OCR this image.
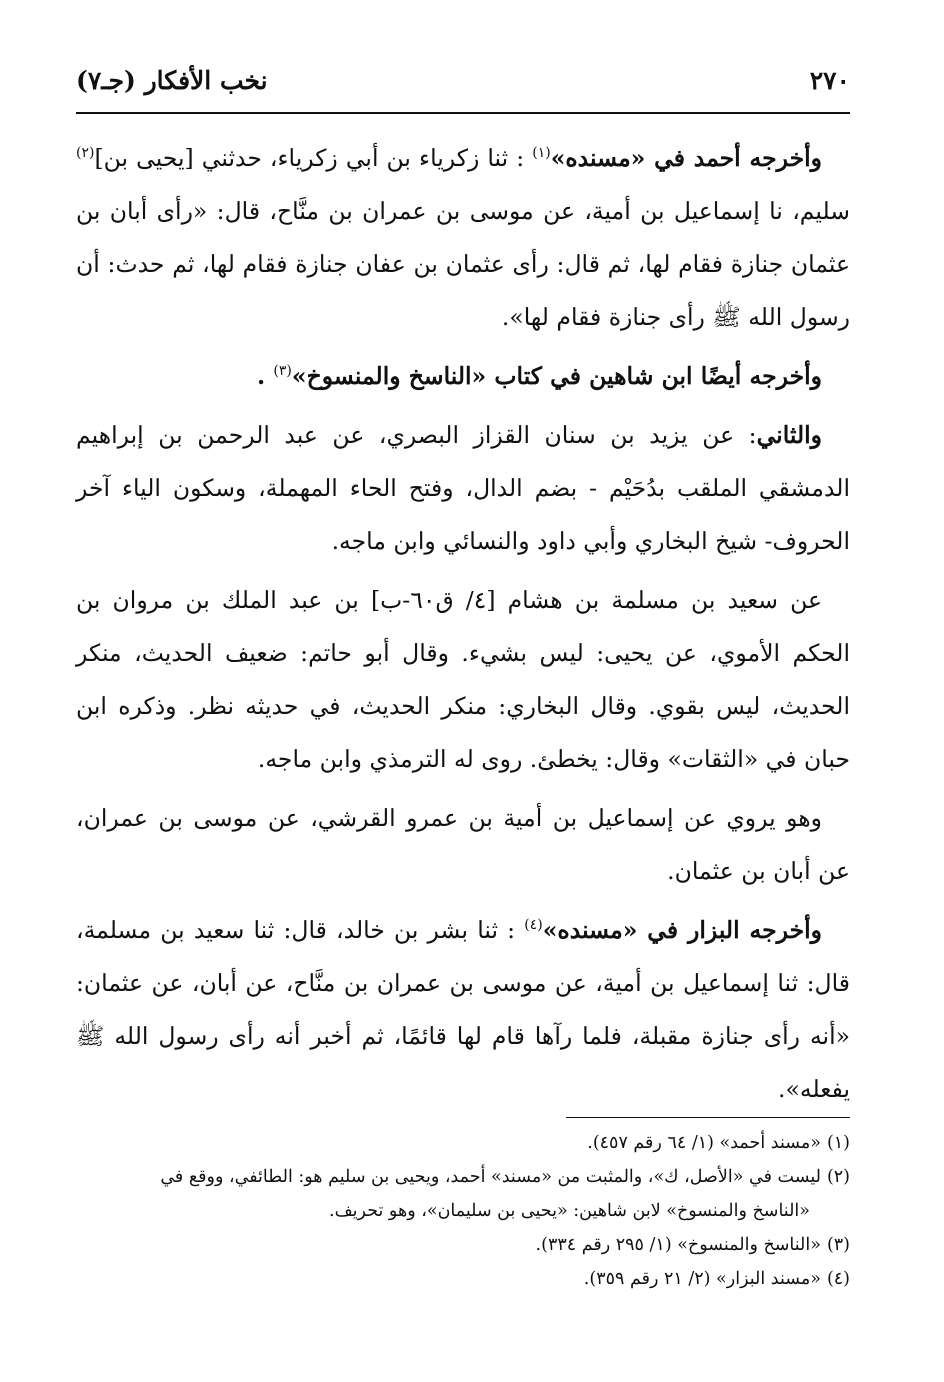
٢٧٠
نخب الأفكار (جـ٧)

وأخرجه أحمد في «مسنده»$^{(١)}$ : ثنا زكرياء بن أبي زكرياء، حدثني [يحيى بن]$^{(٢)}$ سليم، نا إسماعيل بن أمية، عن موسى بن عمران بن منَّاح، قال: «رأى أبان بن عثمان جنازة فقام لها، ثم قال: رأى عثمان بن عفان جنازة فقام لها، ثم حدث: أن رسول الله ﷺ رأى جنازة فقام لها».

وأخرجه أيضًا ابن شاهين في كتاب «الناسخ والمنسوخ»$^{(٣)}$ .

والثاني: عن يزيد بن سنان القزاز البصري، عن عبد الرحمن بن إبراهيم الدمشقي الملقب بدُحَيْم - بضم الدال، وفتح الحاء المهملة، وسكون الياء آخر الحروف- شيخ البخاري وأبي داود والنسائي وابن ماجه.

عن سعيد بن مسلمة بن هشام [٤/ ق٦٠-ب] بن عبد الملك بن مروان بن الحكم الأموي، عن يحيى: ليس بشيء. وقال أبو حاتم: ضعيف الحديث، منكر الحديث، ليس بقوي. وقال البخاري: منكر الحديث، في حديثه نظر. وذكره ابن حبان في «الثقات» وقال: يخطئ. روى له الترمذي وابن ماجه.

وهو يروي عن إسماعيل بن أمية بن عمرو القرشي، عن موسى بن عمران، عن أبان بن عثمان.

وأخرجه البزار في «مسنده»$^{(٤)}$ : ثنا بشر بن خالد، قال: ثنا سعيد بن مسلمة، قال: ثنا إسماعيل بن أمية، عن موسى بن عمران بن منَّاح، عن أبان، عن عثمان: «أنه رأى جنازة مقبلة، فلما رآها قام لها قائمًا، ثم أخبر أنه رأى رسول الله ﷺ يفعله».

(١)«مسند أحمد» (١/ ٦٤ رقم ٤٥٧).

(٢)ليست في «الأصل، ك»، والمثبت من «مسند» أحمد، ويحيى بن سليم هو: الطائفي، ووقع في
«الناسخ والمنسوخ» لابن شاهين: «يحيى بن سليمان»، وهو تحريف.

(٣)«الناسخ والمنسوخ» (١/ ٢٩٥ رقم ٣٣٤).

(٤)«مسند البزار» (٢/ ٢١ رقم ٣٥٩).
